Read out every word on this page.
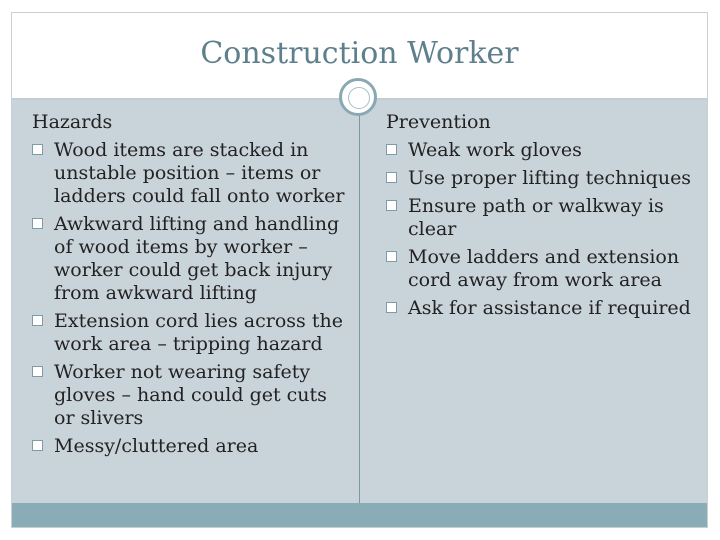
Construction Worker
Hazards
Wood items are stacked in unstable position – items or ladders could fall onto worker
Awkward lifting and handling of wood items by worker – worker could get back injury from awkward lifting
Extension cord lies across the work area – tripping hazard
Worker not wearing safety gloves – hand could get cuts or slivers
Messy/cluttered area
Prevention
Weak work gloves
Use proper lifting techniques
Ensure path or walkway is clear
Move ladders and extension cord away from work area
Ask for assistance if required
